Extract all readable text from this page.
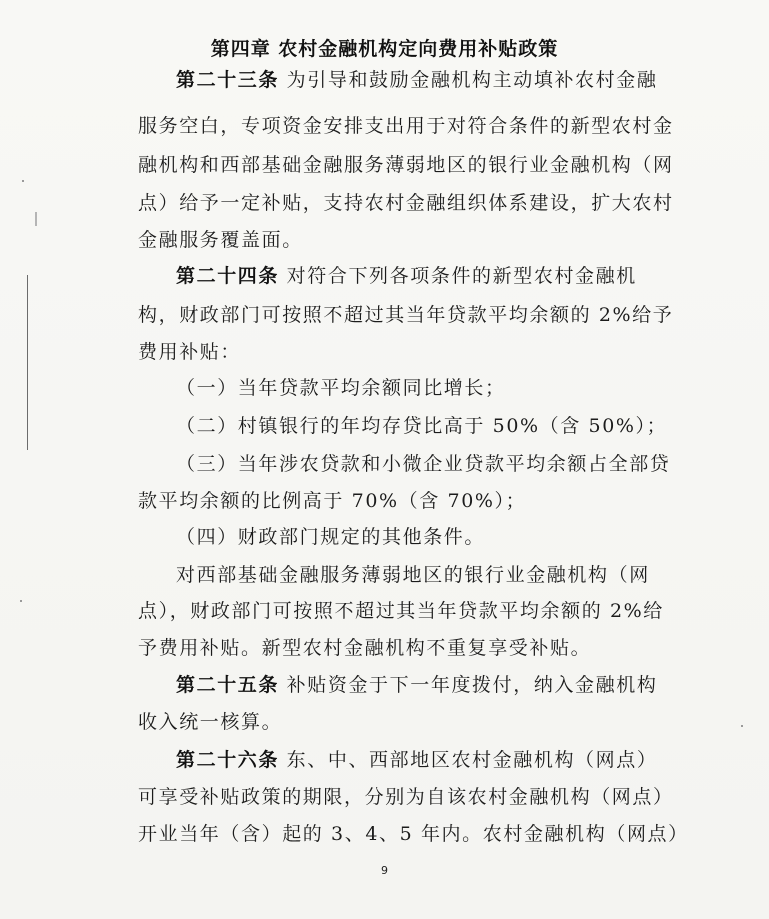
第四章 农村金融机构定向费用补贴政策
第二十三条 为引导和鼓励金融机构主动填补农村金融
服务空白，专项资金安排支出用于对符合条件的新型农村金
融机构和西部基础金融服务薄弱地区的银行业金融机构（网
点）给予一定补贴，支持农村金融组织体系建设，扩大农村
金融服务覆盖面。
第二十四条 对符合下列各项条件的新型农村金融机
构，财政部门可按照不超过其当年贷款平均余额的 2%给予
费用补贴：
（一）当年贷款平均余额同比增长；
（二）村镇银行的年均存贷比高于 50%（含 50%）；
（三）当年涉农贷款和小微企业贷款平均余额占全部贷
款平均余额的比例高于 70%（含 70%）；
（四）财政部门规定的其他条件。
对西部基础金融服务薄弱地区的银行业金融机构（网
点），财政部门可按照不超过其当年贷款平均余额的 2%给
予费用补贴。新型农村金融机构不重复享受补贴。
第二十五条 补贴资金于下一年度拨付，纳入金融机构
收入统一核算。
第二十六条 东、中、西部地区农村金融机构（网点）
可享受补贴政策的期限，分别为自该农村金融机构（网点）
开业当年（含）起的 3、4、5 年内。农村金融机构（网点）
9
